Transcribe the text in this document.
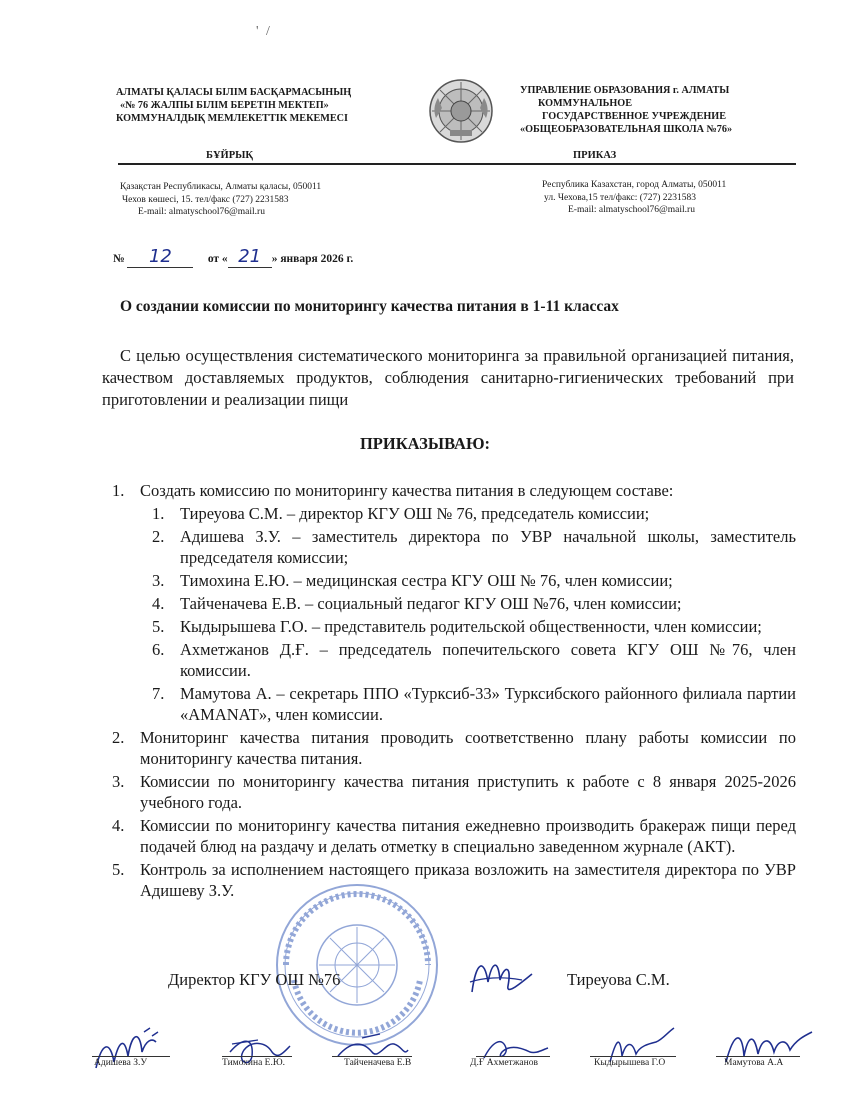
' /
АЛМАТЫ ҚАЛАСЫ БІЛІМ БАСҚАРМАСЫНЫҢ
«№ 76 ЖАЛПЫ БІЛІМ БЕРЕТІН МЕКТЕП»
КОММУНАЛДЫҚ МЕМЛЕКЕТТІК МЕКЕМЕСІ
УПРАВЛЕНИЕ ОБРАЗОВАНИЯ г. АЛМАТЫ
КОММУНАЛЬНОЕ
ГОСУДАРСТВЕННОЕ УЧРЕЖДЕНИЕ
«ОБЩЕОБРАЗОВАТЕЛЬНАЯ ШКОЛА №76»
БҰЙРЫҚ	ПРИКАЗ
Қазақстан Республикасы, Алматы қаласы, 050011
Чехов көшесі, 15. тел/факс (727) 2231583
E-mail: almatyschool76@mail.ru
Республика Казахстан, город Алматы, 050011
ул. Чехова,15 тел/факс: (727) 2231583
E-mail: almatyschool76@mail.ru
№ 12	от « 21 » января 2026 г.
О создании комиссии по мониторингу качества питания в 1-11 классах
С целью осуществления систематического мониторинга за правильной организацией питания, качеством доставляемых продуктов, соблюдения санитарно-гигиенических требований при приготовлении и реализации пищи
ПРИКАЗЫВАЮ:
1. Создать комиссию по мониторингу качества питания в следующем составе:
1. Тиреуова С.М. – директор КГУ ОШ № 76, председатель комиссии;
2. Адишева З.У. – заместитель директора по УВР начальной школы, заместитель председателя комиссии;
3. Тимохина Е.Ю. – медицинская сестра КГУ ОШ № 76, член комиссии;
4. Тайченачева Е.В. – социальный педагог КГУ ОШ №76, член комиссии;
5. Кыдырышева Г.О. – представитель родительской общественности, член комиссии;
6. Ахметжанов Д.Ғ. – председатель попечительского совета КГУ ОШ №76, член комиссии.
7. Мамутова А. – секретарь ППО «Турксиб-33» Турксибского районного филиала партии «AMANAT», член комиссии.
2. Мониторинг качества питания проводить соответственно плану работы комиссии по мониторингу качества питания.
3. Комиссии по мониторингу качества питания приступить к работе с 8 января 2025-2026 учебного года.
4. Комиссии по мониторингу качества питания ежедневно производить бракераж пищи перед подачей блюд на раздачу и делать отметку в специально заведенном журнале (АКТ).
5. Контроль за исполнением настоящего приказа возложить на заместителя директора по УВР Адишеву З.У.
Директор КГУ ОШ №76	Тиреуова С.М.
Адишева З.У	Тимохина Е.Ю.	Тайченачева Е.В	Д.Ғ Ахметжанов	Кыдырышева Г.О	Мамутова А.А
